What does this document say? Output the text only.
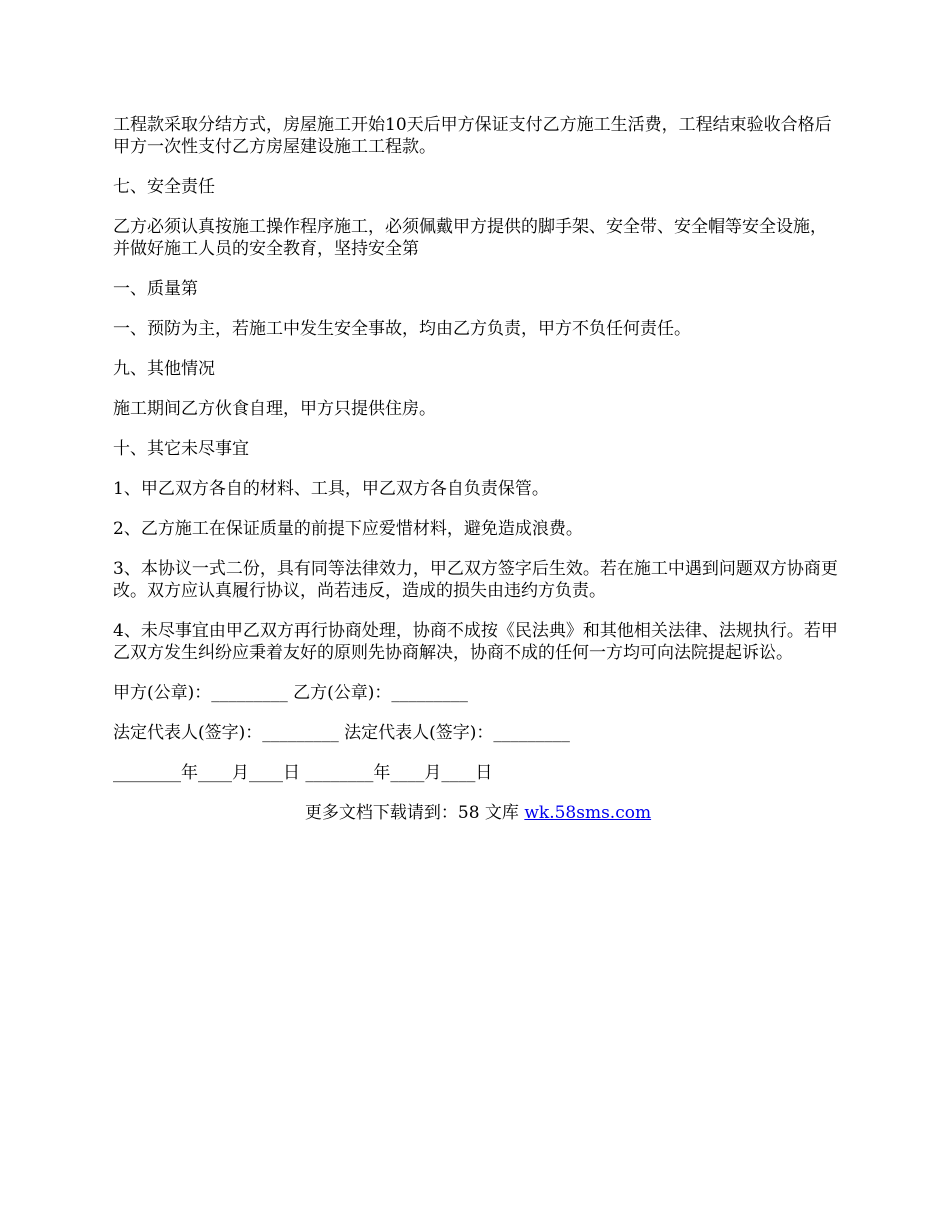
工程款采取分结方式，房屋施工开始10天后甲方保证支付乙方施工生活费，工程结束验收合格后甲方一次性支付乙方房屋建设施工工程款。

七、安全责任

乙方必须认真按施工操作程序施工，必须佩戴甲方提供的脚手架、安全带、安全帽等安全设施，并做好施工人员的安全教育，坚持安全第

一、质量第

一、预防为主，若施工中发生安全事故，均由乙方负责，甲方不负任何责任。

九、其他情况

施工期间乙方伙食自理，甲方只提供住房。

十、其它未尽事宜

1、甲乙双方各自的材料、工具，甲乙双方各自负责保管。

2、乙方施工在保证质量的前提下应爱惜材料，避免造成浪费。

3、本协议一式二份，具有同等法律效力，甲乙双方签字后生效。若在施工中遇到问题双方协商更改。双方应认真履行协议，尚若违反，造成的损失由违约方负责。

4、未尽事宜由甲乙双方再行协商处理，协商不成按《民法典》和其他相关法律、法规执行。若甲乙双方发生纠纷应秉着友好的原则先协商解决，协商不成的任何一方均可向法院提起诉讼。

甲方(公章)：_________ 乙方(公章)：_________

法定代表人(签字)：_________ 法定代表人(签字)：_________

________年____月____日 ________年____月____日

更多文档下载请到：58 文库 wk.58sms.com
